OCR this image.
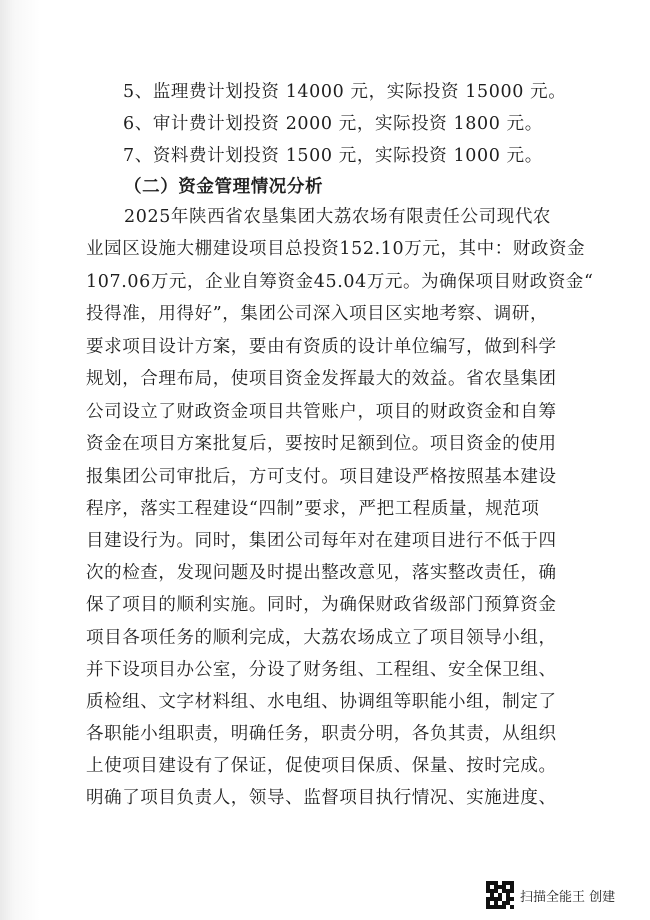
5、监理费计划投资 14000 元，实际投资 15000 元。
6、审计费计划投资 2000 元，实际投资 1800 元。
7、资料费计划投资 1500 元，实际投资 1000 元。
（二）资金管理情况分析
2025年陕西省农垦集团大荔农场有限责任公司现代农
业园区设施大棚建设项目总投资152.10万元，其中：财政资金
107.06万元，企业自筹资金45.04万元。为确保项目财政资金“
投得准，用得好”，集团公司深入项目区实地考察、调研，
要求项目设计方案，要由有资质的设计单位编写，做到科学
规划，合理布局，使项目资金发挥最大的效益。省农垦集团
公司设立了财政资金项目共管账户，项目的财政资金和自筹
资金在项目方案批复后，要按时足额到位。项目资金的使用
报集团公司审批后，方可支付。项目建设严格按照基本建设
程序，落实工程建设“四制”要求，严把工程质量，规范项
目建设行为。同时，集团公司每年对在建项目进行不低于四
次的检查，发现问题及时提出整改意见，落实整改责任，确
保了项目的顺利实施。同时，为确保财政省级部门预算资金
项目各项任务的顺利完成，大荔农场成立了项目领导小组，
并下设项目办公室，分设了财务组、工程组、安全保卫组、
质检组、文字材料组、水电组、协调组等职能小组，制定了
各职能小组职责，明确任务，职责分明，各负其责，从组织
上使项目建设有了保证，促使项目保质、保量、按时完成。
明确了项目负责人，领导、监督项目执行情况、实施进度、
扫描全能王 创建
